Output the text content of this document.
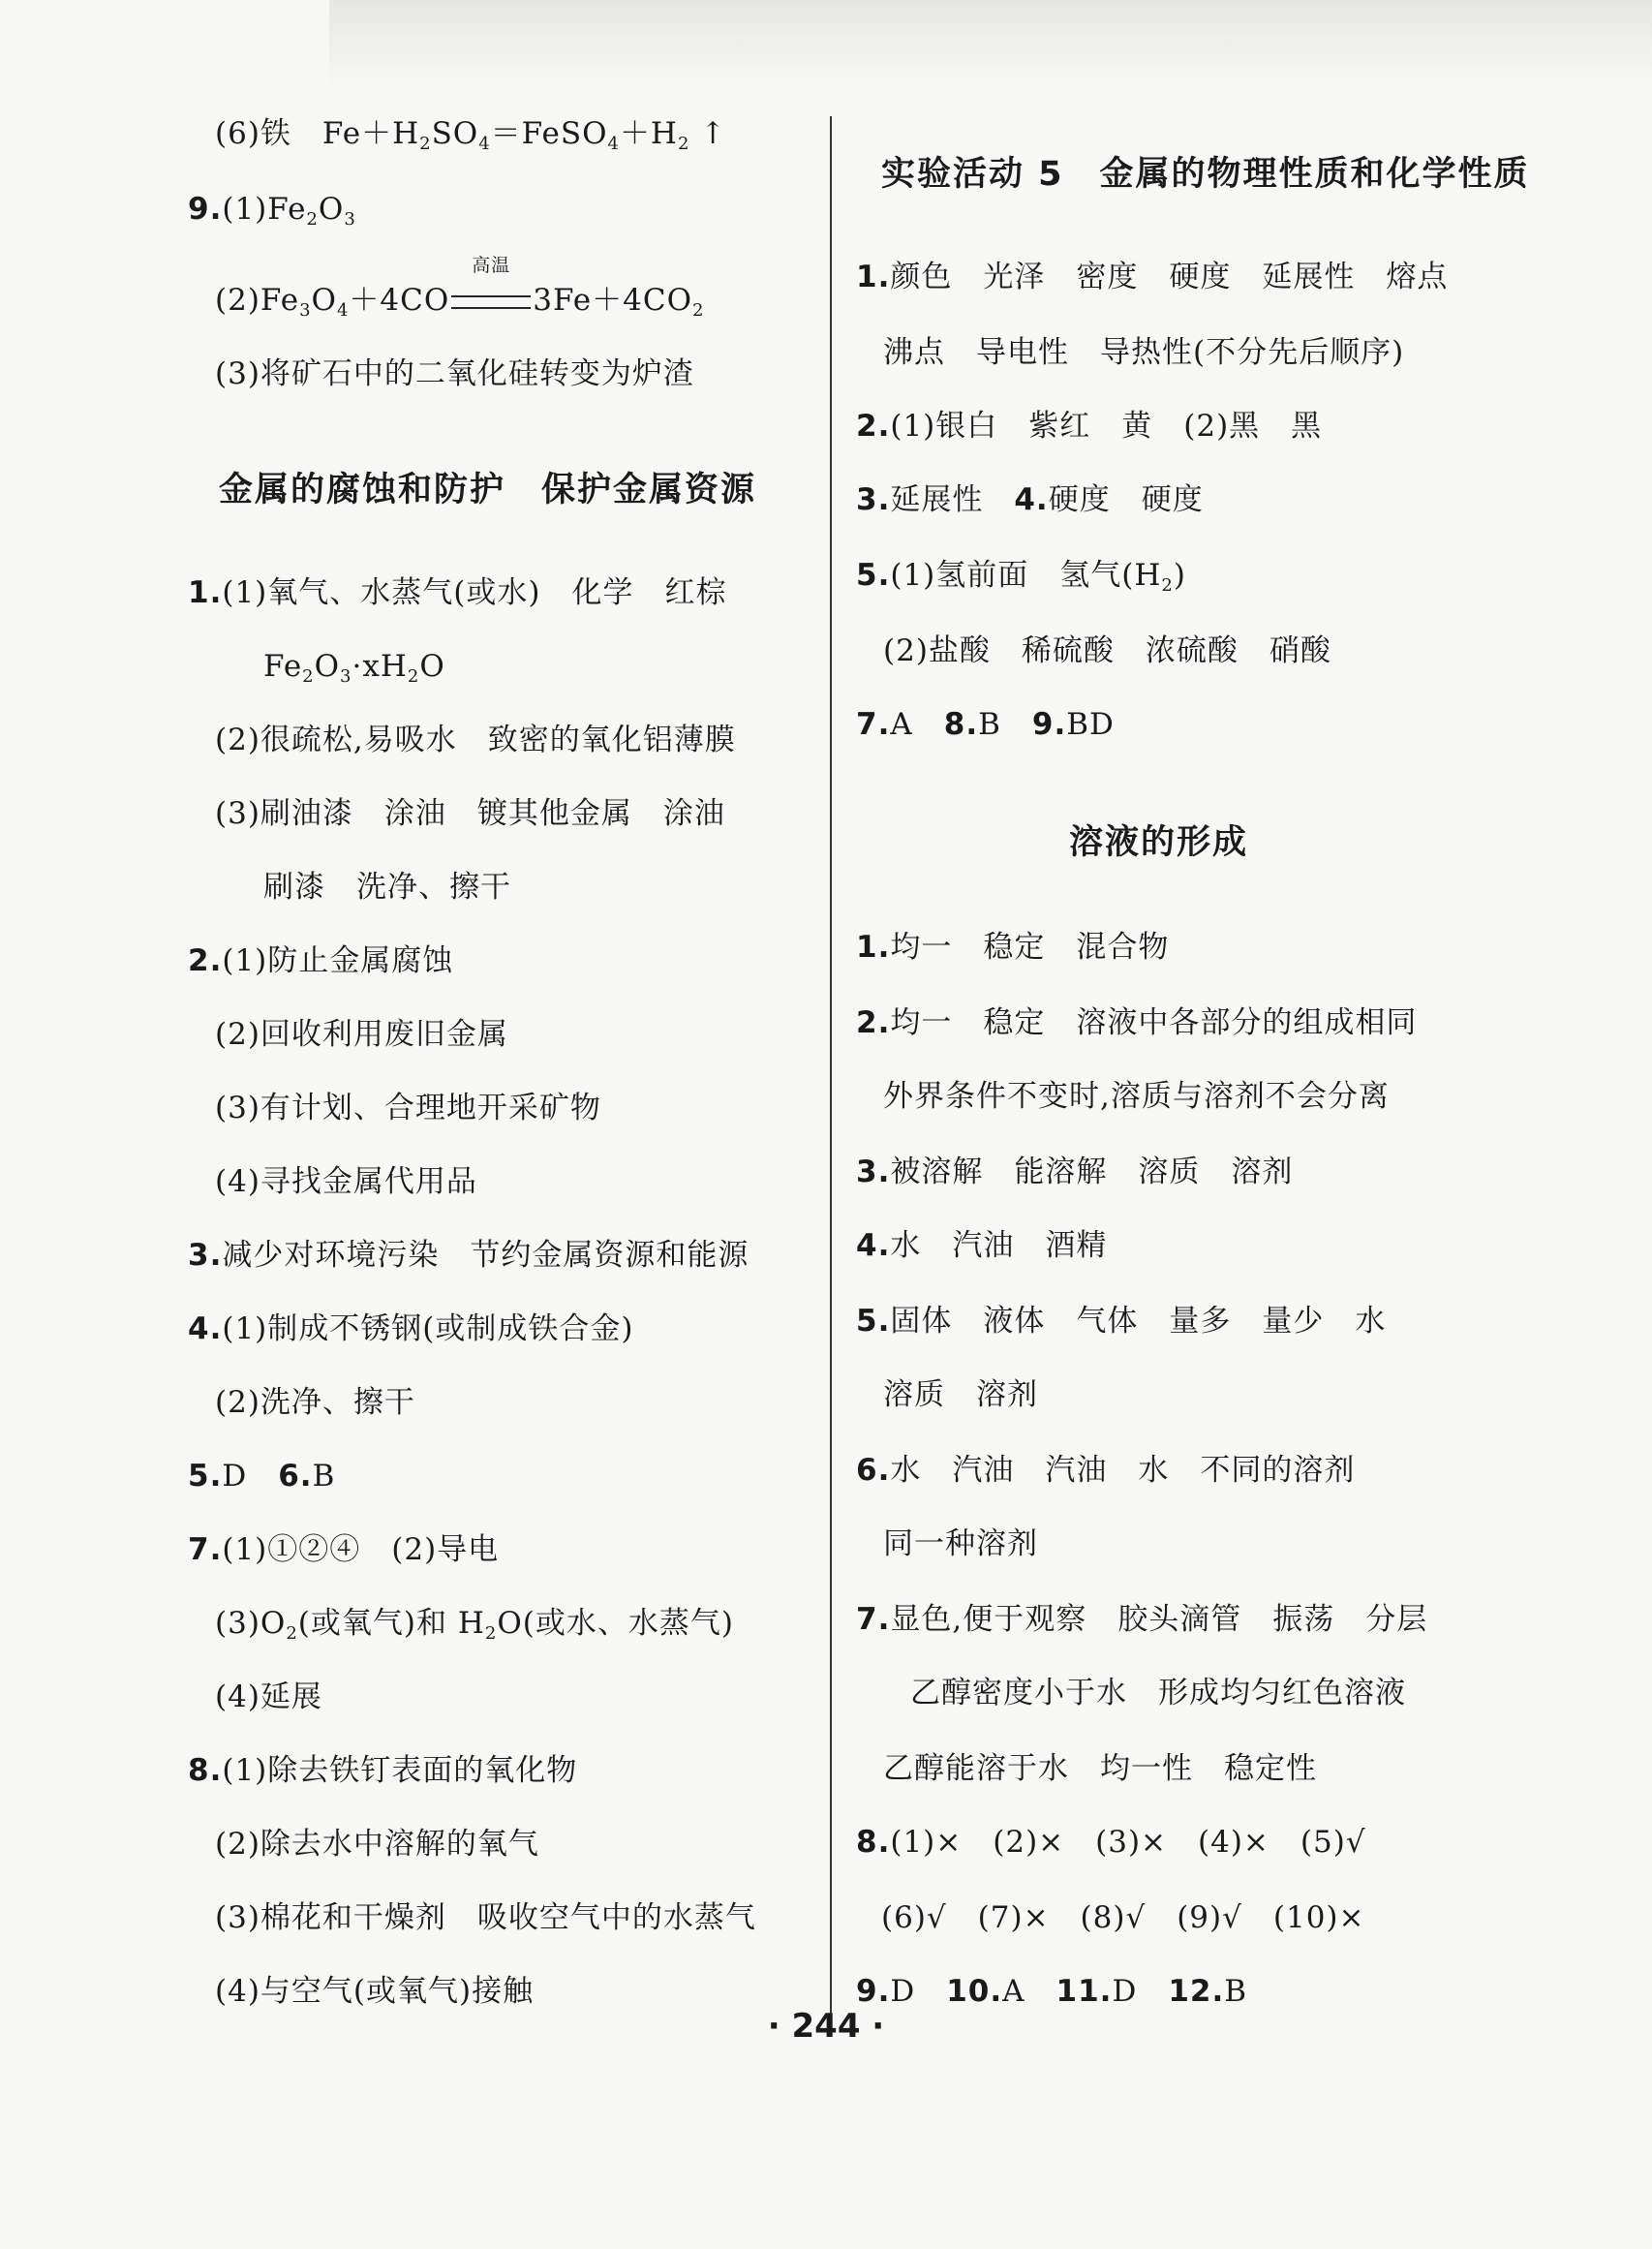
(6)铁　$Fe+H_2SO_4=FeSO_4+H_2$ ↑
$9.(1)Fe_2O_3$
$(2)Fe_3O_4+4CO$
高温
$3Fe+4CO_2$
(3)将矿石中的二氧化硅转变为炉渣
金属的腐蚀和防护　保护金属资源
1.(1)氧气、水蒸气(或水)　化学　红棕
$Fe_2O_3\cdot xH_2O$
(2)很疏松,易吸水　致密的氧化铝薄膜
(3)刷油漆　涂油　镀其他金属　涂油
刷漆　洗净、擦干
2.(1)防止金属腐蚀
(2)回收利用废旧金属
(3)有计划、合理地开采矿物
(4)寻找金属代用品
3.减少对环境污染　节约金属资源和能源
4.(1)制成不锈钢(或制成铁合金)
(2)洗净、擦干
5.D　 6.B
7.(1)①②④　(2)导电
$(3)O_2$(或氧气)和 $H_2O$(或水、水蒸气)
(4)延展
8.(1)除去铁钉表面的氧化物
(2)除去水中溶解的氧气
(3)棉花和干燥剂　吸收空气中的水蒸气
(4)与空气(或氧气)接触
实验活动 5　金属的物理性质和化学性质
1.颜色　光泽　密度　硬度　延展性　熔点
沸点　导电性　导热性(不分先后顺序)
2.(1)银白　紫红　黄　(2)黑　黑
3.延展性　 4.硬度　硬度
5.(1)氢前面　氢气$(H_2)$
(2)盐酸　稀硫酸　浓硫酸　硝酸
7.A　 8.B　 9.BD
溶液的形成
1.均一　稳定　混合物
2.均一　稳定　溶液中各部分的组成相同
外界条件不变时,溶质与溶剂不会分离
3.被溶解　能溶解　溶质　溶剂
4.水　汽油　酒精
5.固体　液体　气体　量多　量少　水
溶质　溶剂
6.水　汽油　汽油　水　不同的溶剂
同一种溶剂
7.显色,便于观察　胶头滴管　振荡　分层
乙醇密度小于水　形成均匀红色溶液
乙醇能溶于水　均一性　稳定性
8.(1)×　(2)×　(3)×　(4)×　(5)√
(6)√　(7)×　(8)√　(9)√　(10)×
9.D　 10.A　 11.D　 12.B
· 244 ·
